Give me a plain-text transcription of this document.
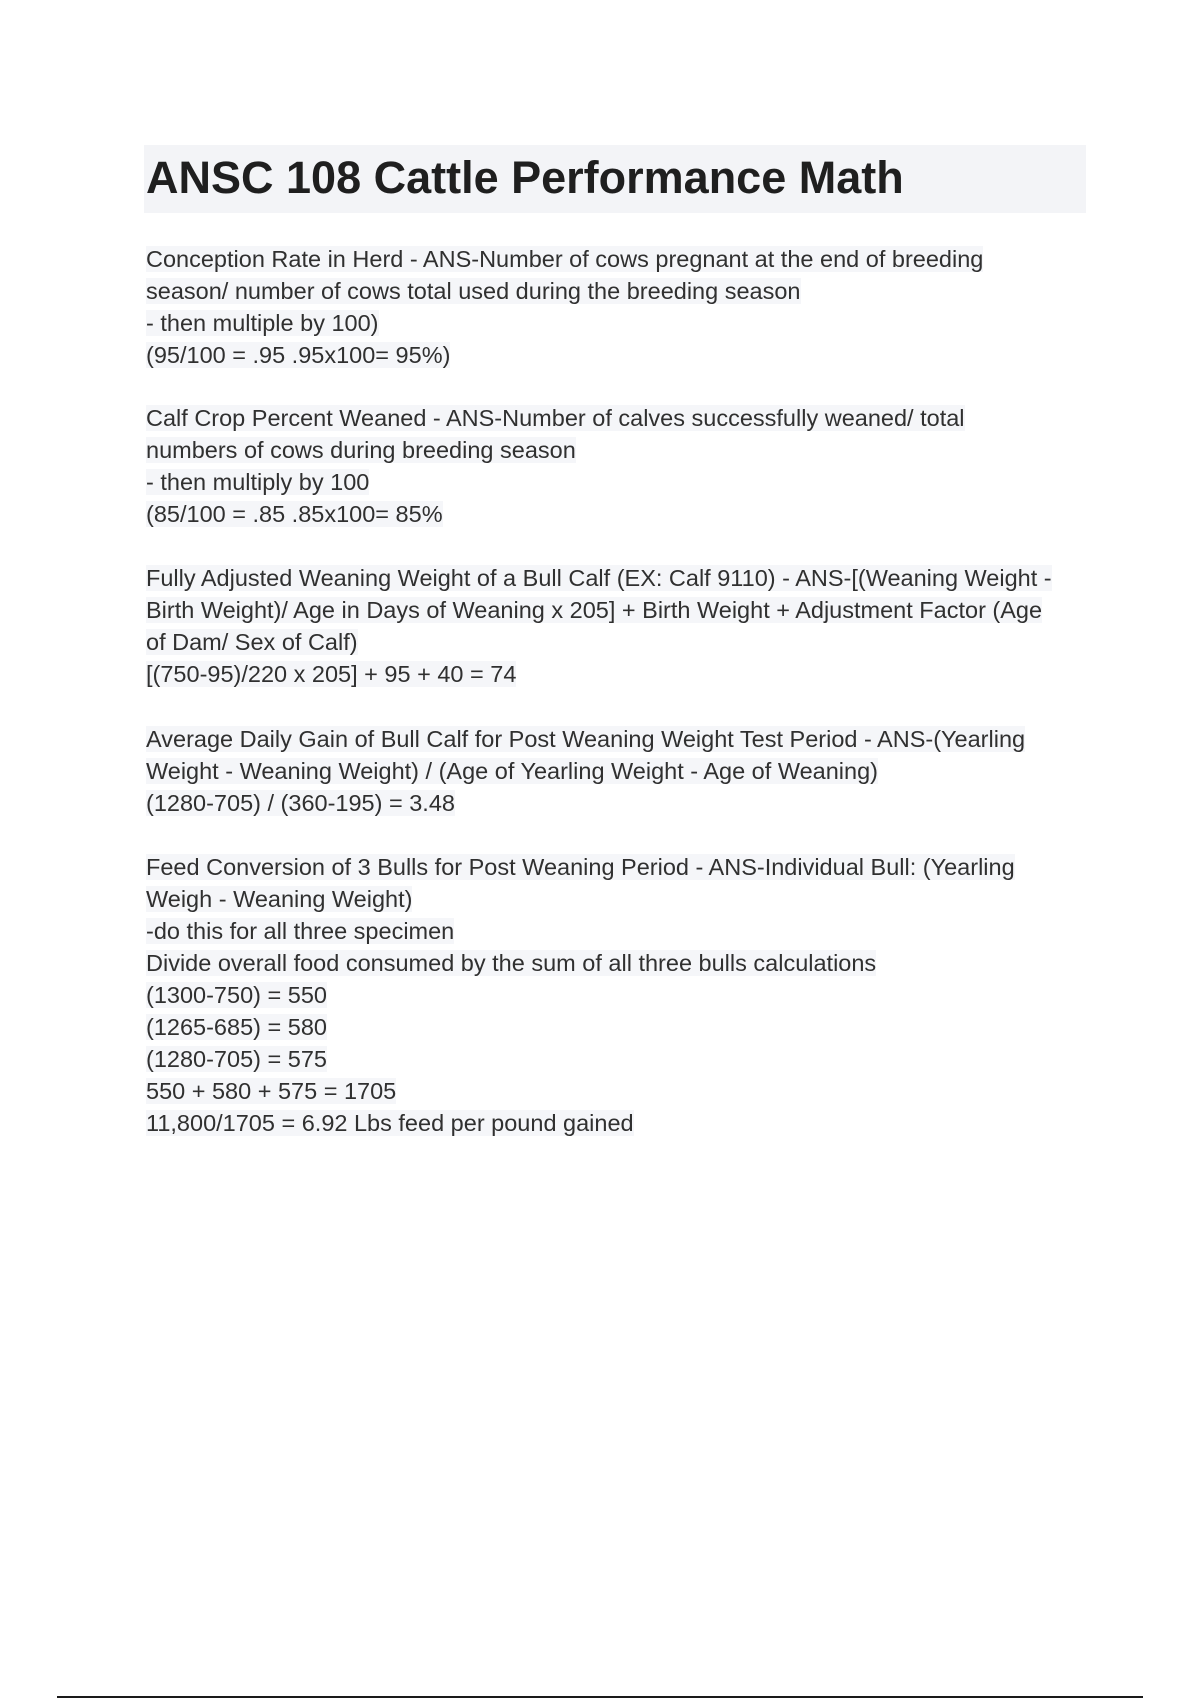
ANSC 108 Cattle Performance Math
Conception Rate in Herd - ANS-Number of cows pregnant at the end of breeding
season/ number of cows total used during the breeding season
- then multiple by 100)
(95/100 = .95 .95x100= 95%)
Calf Crop Percent Weaned - ANS-Number of calves successfully weaned/ total
numbers of cows during breeding season
- then multiply by 100
(85/100 = .85 .85x100= 85%
Fully Adjusted Weaning Weight of a Bull Calf (EX: Calf 9110) - ANS-[(Weaning Weight -
Birth Weight)/ Age in Days of Weaning x 205] + Birth Weight + Adjustment Factor (Age
of Dam/ Sex of Calf)
[(750-95)/220 x 205] + 95 + 40 = 74
Average Daily Gain of Bull Calf for Post Weaning Weight Test Period - ANS-(Yearling
Weight - Weaning Weight) / (Age of Yearling Weight - Age of Weaning)
(1280-705) / (360-195) = 3.48
Feed Conversion of 3 Bulls for Post Weaning Period - ANS-Individual Bull: (Yearling
Weigh - Weaning Weight)
-do this for all three specimen
Divide overall food consumed by the sum of all three bulls calculations
(1300-750) = 550
(1265-685) = 580
(1280-705) = 575
550 + 580 + 575 = 1705
11,800/1705 = 6.92 Lbs feed per pound gained
